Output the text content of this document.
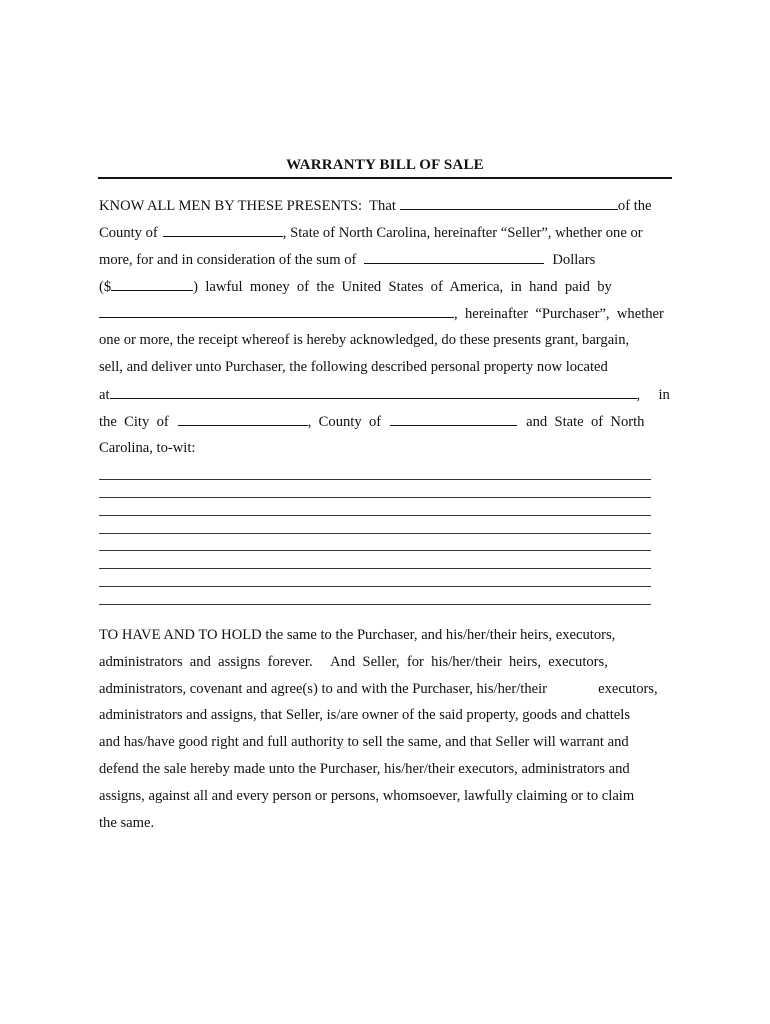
WARRANTY BILL OF SALE
KNOW ALL MEN BY THESE PRESENTS:  That	of the
County of	, State of North Carolina, hereinafter “Seller”, whether one or
more, for and in consideration of the sum of	Dollars
($	)  lawful  money  of  the  United  States  of  America,  in  hand  paid  by
,  hereinafter  “Purchaser”,  whether
one or more, the receipt whereof is hereby acknowledged, do these presents grant, bargain,
sell, and deliver unto Purchaser, the following described personal property now located
at	,     in
the  City  of	,  County  of	and  State  of  North
Carolina, to-wit:
TO HAVE AND TO HOLD the same to the Purchaser, and his/her/their heirs, executors,
administrators  and  assigns  forever.     And  Seller,  for  his/her/their  heirs,  executors,
administrators, covenant and agree(s) to and with the Purchaser, his/her/their              executors,
administrators and assigns, that Seller, is/are owner of the said property, goods and chattels
and has/have good right and full authority to sell the same, and that Seller will warrant and
defend the sale hereby made unto the Purchaser, his/her/their executors, administrators and
assigns, against all and every person or persons, whomsoever, lawfully claiming or to claim
the same.
